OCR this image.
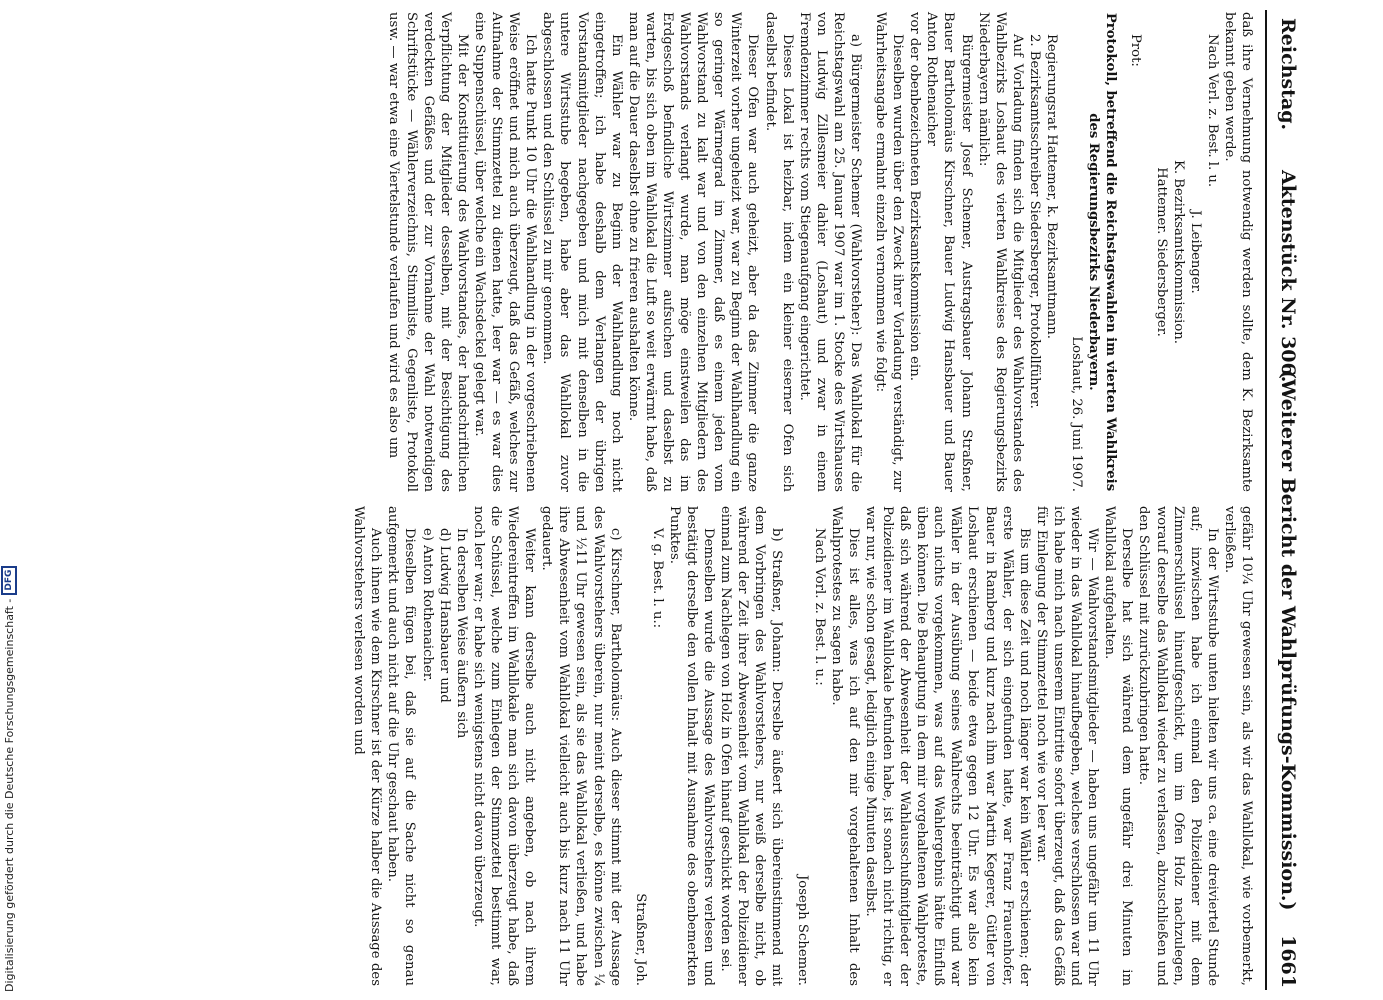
Reichstag.
Aktenstück Nr. 306.
(Weiterer Bericht der Wahlprüfungs-Kommission.)
1661

daß ihre Vernehmung notwendig werden sollte, dem K. Bezirksamte bekannt geben werde.

Nach Verl. z. Best. l. u.

J. Leibenger.

K. Bezirksamtskommission.

Hattemer. Siedersberger.

Prot:

Protokoll, betreffend die Reichstagswahlen im vierten Wahlkreis des Regierungsbezirks Niederbayern.

Loshaut, 26. Juni 1907.

Regierungsrat Hattemer, k. Bezirksamtmann.

2. Bezirksamtsschreiber Siedersberger, Protokollführer.

Auf Vorladung finden sich die Mitglieder des Wahlvorstandes des Wahlbezirks Loshaut des vierten Wahlkreises des Regierungsbezirks Niederbayern nämlich:

Bürgermeister Josef Schemer, Austragsbauer Johann Straßner, Bauer Bartholomäus Kirschner, Bauer Ludwig Hansbauer und Bauer Anton Rothenaicher

vor der obenbezeichneten Bezirksamtskommission ein.

Dieselben wurden über den Zweck ihrer Vorladung verständigt, zur Wahrheitsangabe ermahnt einzeln vernommen wie folgt:

a) Bürgermeister Schemer (Wahlvorsteher): Das Wahllokal für die Reichstagswahl am 25. Januar 1907 war im 1. Stocke des Wirtshauses von Ludwig Zillesmeier dahier (Loshaut) und zwar in einem Fremdenzimmer rechts vom Stiegenaufgang eingerichtet.

Dieses Lokal ist heizbar, indem ein kleiner eiserner Ofen sich daselbst befindet.

Dieser Ofen war auch geheizt, aber da das Zimmer die ganze Winterzeit vorher ungeheizt war, war zu Beginn der Wahlhandlung ein so geringer Wärmegrad im Zimmer, daß es einem jeden vom Wahlvorstand zu kalt war und von den einzelnen Mitgliedern des Wahlvorstands verlangt wurde, man möge einstweilen das im Erdgeschoß befindliche Wirtszimmer aufsuchen und daselbst zu warten, bis sich oben im Wahllokal die Luft so weit erwärmt habe, daß man auf die Dauer daselbst ohne zu frieren aushalten könne.

Ein Wähler war zu Beginn der Wahlhandlung noch nicht eingetroffen; ich habe deshalb dem Verlangen der übrigen Vorstandsmitglieder nachgegeben und mich mit denselben in die untere Wirtsstube begeben, habe aber das Wahllokal zuvor abgeschlossen und den Schlüssel zu mir genommen.

Ich hatte Punkt 10 Uhr die Wahlhandlung in der vorgeschriebenen Weise eröffnet und mich auch überzeugt, daß das Gefäß, welches zur Aufnahme der Stimmzettel zu dienen hatte, leer war — es war dies eine Suppenschüssel, über welche ein Wachsdeckel gelegt war.

Mit der Konstituierung des Wahlvorstandes, der handschriftlichen Verpflichtung der Mitglieder desselben, mit der Besichtigung des verdeckten Gefäßes und der zur Vornahme der Wahl notwendigen Schriftstücke — Wählerverzeichnis, Stimmliste, Gegenliste, Protokoll usw. — war etwa eine Viertelstunde verlaufen und wird es also um

gefähr 10¼ Uhr gewesen sein, als wir das Wahllokal, wie vorbemerkt, verließen.

In der Wirtsstube unten hielten wir uns ca. eine dreiviertel Stunde auf; inzwischen habe ich einmal den Polizeidiener mit dem Zimmerschlüssel hinaufgeschickt, um im Ofen Holz nachzulegen, worauf derselbe das Wahllokal wieder zu verlassen, abzuschließen und den Schlüssel mit zurückzubringen hatte.

Derselbe hat sich während dem ungefähr drei Minuten im Wahllokal aufgehalten.

Wir — Wahlvorstandsmitglieder — haben uns ungefähr um 11 Uhr wieder in das Wahllokal hinaufbegeben, welches verschlossen war und ich habe mich nach unserem Eintritte sofort überzeugt, daß das Gefäß für Einlegung der Stimmzettel noch wie vor leer war.

Bis um diese Zeit und noch länger war kein Wähler erschienen; der erste Wähler, der sich eingefunden hatte, war Franz Frauenhofer, Bauer in Ramberg und kurz nach ihm war Martin Kegerer, Gütler von Loshaut erschienen — beide etwa gegen 12 Uhr. Es war also kein Wähler in der Ausübung seines Wahlrechts beeinträchtigt und war auch nichts vorgekommen, was auf das Wahlergebnis hätte Einfluß üben können. Die Behauptung in dem mir vorgehaltenen Wahlproteste, daß sich während der Abwesenheit der Wahlausschußmitglieder der Polizeidiener im Wahllokale befunden habe, ist sonach nicht richtig, er war nur, wie schon gesagt, lediglich einige Minuten daselbst.

Dies ist alles, was ich auf den mir vorgehaltenen Inhalt des Wahlprotestes zu sagen habe.

Nach Vorl. z. Best. l. u.:

Joseph Schemer.

b) Straßner, Johann: Derselbe äußert sich übereinstimmend mit dem Vorbringen des Wahlvorstehers, nur weiß derselbe nicht, ob während der Zeit ihrer Abwesenheit vom Wahllokal der Polizeidiener einmal zum Nachlegen von Holz in Ofen hinauf geschickt worden sei.

Demselben wurde die Aussage des Wahlvorstehers verlesen und bestätigt derselbe den vollen Inhalt mit Ausnahme des obenbemerkten Punktes.

V. g. Best. l. u.:

Straßner, Joh.

c) Kirschner, Bartholomäus: Auch dieser stimmt mit der Aussage des Wahlvorstehers überein, nur meint derselbe, es könne zwischen ¼ und ½11 Uhr gewesen sein, als sie das Wahllokal verließen, und habe ihre Abwesenheit vom Wahllokal vielleicht auch bis kurz nach 11 Uhr gedauert.

Weiter kann derselbe auch nicht angeben, ob nach ihrem Wiedereintreffen im Wahllokale man sich davon überzeugt habe, daß die Schüssel, welche zum Einlegen der Stimmzettel bestimmt war, noch leer war; er habe sich wenigstens nicht davon überzeugt.

In derselben Weise äußern sich

d) Ludwig Hansbauer und

e) Anton Rothenaicher.

Dieselben fügen bei, daß sie auf die Sache nicht so genau aufgemerkt und auch nicht auf die Uhr geschaut haben.

Auch ihnen wie dem Kirschner ist der Kürze halber die Aussage des Wahlvorstehers verlesen worden und

Digitalisierung gefördert durch die Deutsche Forschungsgemeinschaft -
DFG
